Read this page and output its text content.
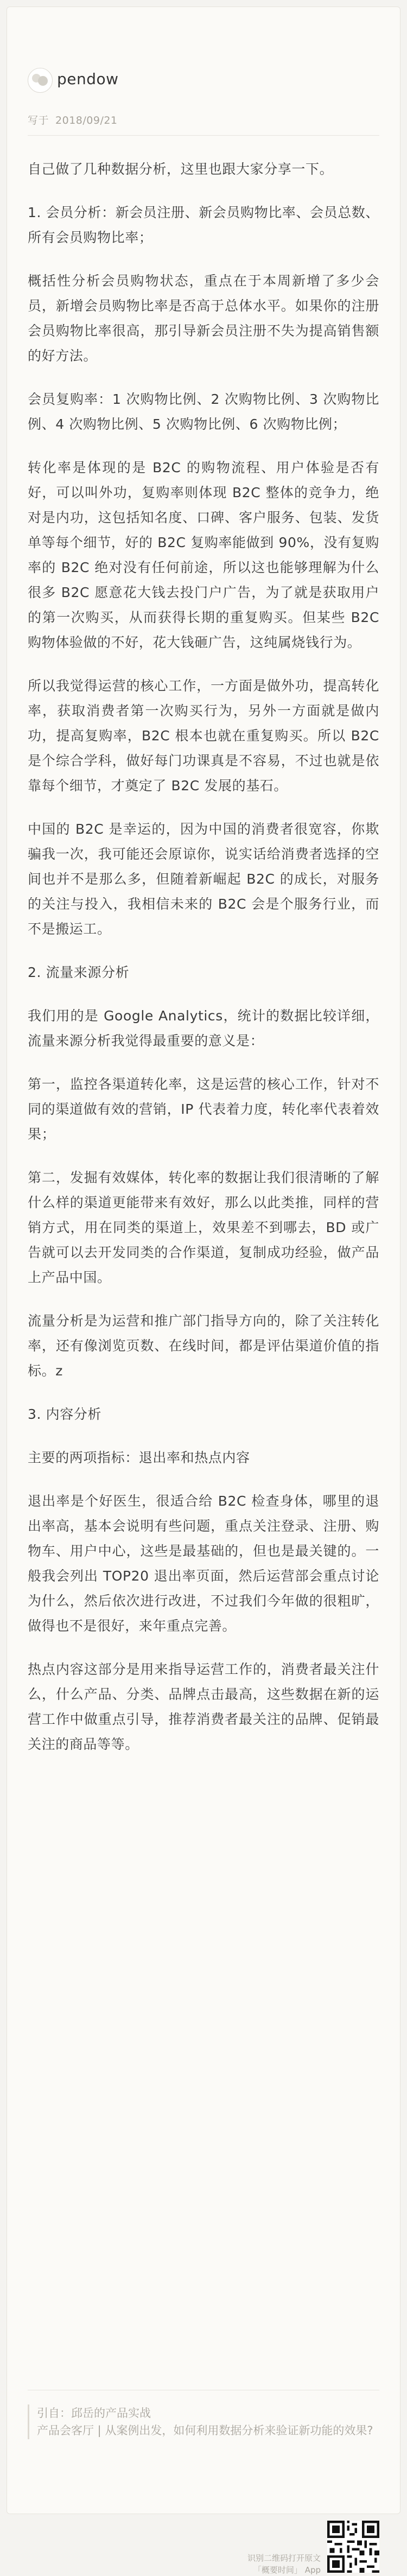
pendow
写于 2018/09/21

自己做了几种数据分析，这里也跟大家分享一下。

1. 会员分析：新会员注册、新会员购物比率、会员总数、所有会员购物比率；

概括性分析会员购物状态，重点在于本周新增了多少会员，新增会员购物比率是否高于总体水平。如果你的注册会员购物比率很高，那引导新会员注册不失为提高销售额的好方法。

会员复购率：1 次购物比例、2 次购物比例、3 次购物比例、4 次购物比例、5 次购物比例、6 次购物比例；

转化率是体现的是 B2C 的购物流程、用户体验是否有好，可以叫外功，复购率则体现 B2C 整体的竞争力，绝对是内功，这包括知名度、口碑、客户服务、包装、发货单等每个细节，好的 B2C 复购率能做到 90%，没有复购率的 B2C 绝对没有任何前途，所以这也能够理解为什么很多 B2C 愿意花大钱去投门户广告，为了就是获取用户的第一次购买，从而获得长期的重复购买。但某些 B2C 购物体验做的不好，花大钱砸广告，这纯属烧钱行为。

所以我觉得运营的核心工作，一方面是做外功，提高转化率，获取消费者第一次购买行为，另外一方面就是做内功，提高复购率，B2C 根本也就在重复购买。所以 B2C 是个综合学科，做好每门功课真是不容易，不过也就是依靠每个细节，才奠定了 B2C 发展的基石。

中国的 B2C 是幸运的，因为中国的消费者很宽容，你欺骗我一次，我可能还会原谅你，说实话给消费者选择的空间也并不是那么多，但随着新崛起 B2C 的成长，对服务的关注与投入，我相信未来的 B2C 会是个服务行业，而不是搬运工。

2. 流量来源分析

我们用的是 Google Analytics，统计的数据比较详细，流量来源分析我觉得最重要的意义是：

第一，监控各渠道转化率，这是运营的核心工作，针对不同的渠道做有效的营销，IP 代表着力度，转化率代表着效果；

第二，发掘有效媒体，转化率的数据让我们很清晰的了解什么样的渠道更能带来有效好，那么以此类推，同样的营销方式，用在同类的渠道上，效果差不到哪去，BD 或广告就可以去开发同类的合作渠道，复制成功经验，做产品上产品中国。

流量分析是为运营和推广部门指导方向的，除了关注转化率，还有像浏览页数、在线时间，都是评估渠道价值的指标。z

3. 内容分析

主要的两项指标：退出率和热点内容

退出率是个好医生，很适合给 B2C 检查身体，哪里的退出率高，基本会说明有些问题，重点关注登录、注册、购物车、用户中心，这些是最基础的，但也是最关键的。一般我会列出 TOP20 退出率页面，然后运营部会重点讨论为什么，然后依次进行改进，不过我们今年做的很粗旷，做得也不是很好，来年重点完善。

热点内容这部分是用来指导运营工作的，消费者最关注什么，什么产品、分类、品牌点击最高，这些数据在新的运营工作中做重点引导，推荐消费者最关注的品牌、促销最关注的商品等等。

引自：邱岳的产品实战
产品会客厅 | 从案例出发，如何利用数据分析来验证新功能的效果?
识别二维码打开原文
「概要时间」 App
